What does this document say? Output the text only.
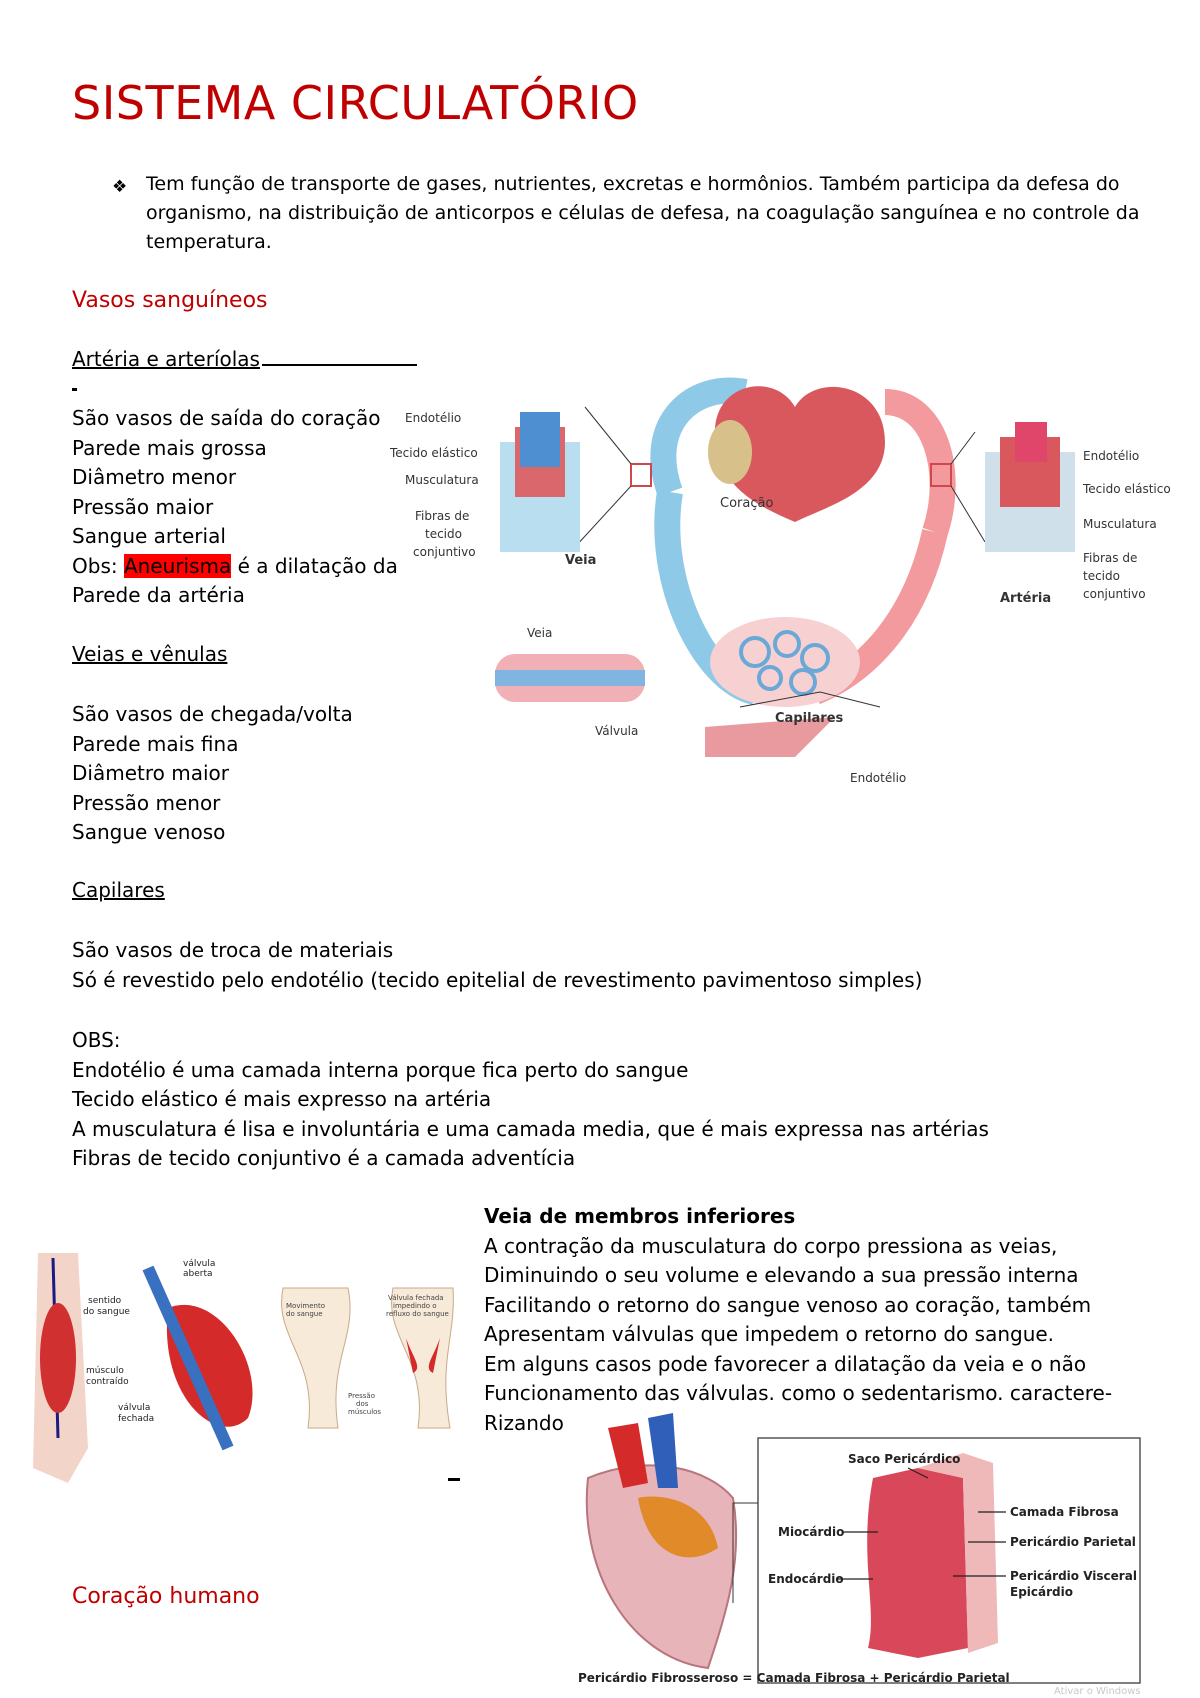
SISTEMA CIRCULATÓRIO
❖ Tem função de transporte de gases, nutrientes, excretas e hormônios. Também participa da defesa do organismo, na distribuição de anticorpos e células de defesa, na coagulação sanguínea e no controle da temperatura.
Vasos sanguíneos
Artéria e arteríolas
São vasos de saída do coração
Parede mais grossa
Diâmetro menor
Pressão maior
Sangue arterial
Obs: Aneurisma é a dilatação da
Parede da artéria
Veias e vênulas
São vasos de chegada/volta
Parede mais fina
Diâmetro maior
Pressão menor
Sangue venoso
Capilares
São vasos de troca de materiais
Só é revestido pelo endotélio (tecido epitelial de revestimento pavimentoso simples)
OBS:
Endotélio é uma camada interna porque fica perto do sangue
Tecido elástico é mais expresso na artéria
A musculatura é lisa e involuntária e uma camada media, que é mais expressa nas artérias
Fibras de tecido conjuntivo é a camada adventícia
Coração
Endotélio
Tecido elástico
Musculatura
Fibras de
tecido
conjuntivo
Veia
Endotélio
Tecido elástico
Musculatura
Fibras de
tecido
conjuntivo
Artéria
Veia
Válvula
Capilares
Endotélio
válvula
aberta
sentido
do sangue
músculo
contraído
válvula
fechada
Movimento
do sangue
Válvula fechada
impedindo o
refluxo do sangue
Pressão
dos
músculos
Veia de membros inferiores
A contração da musculatura do corpo pressiona as veias,
Diminuindo o seu volume e elevando a sua pressão interna
Facilitando o retorno do sangue venoso ao coração, também
Apresentam válvulas que impedem o retorno do sangue.
Em alguns casos pode favorecer a dilatação da veia e o não
Funcionamento das válvulas. como o sedentarismo. caractere-
Rizando
Coração humano
Saco Pericárdico
Camada Fibrosa
Pericárdio Parietal
Miocárdio
Endocárdio	Pericárdio Visceral
Epicárdio
Pericárdio Fibrosseroso = Camada Fibrosa + Pericárdio Parietal
Ativar o Windows
